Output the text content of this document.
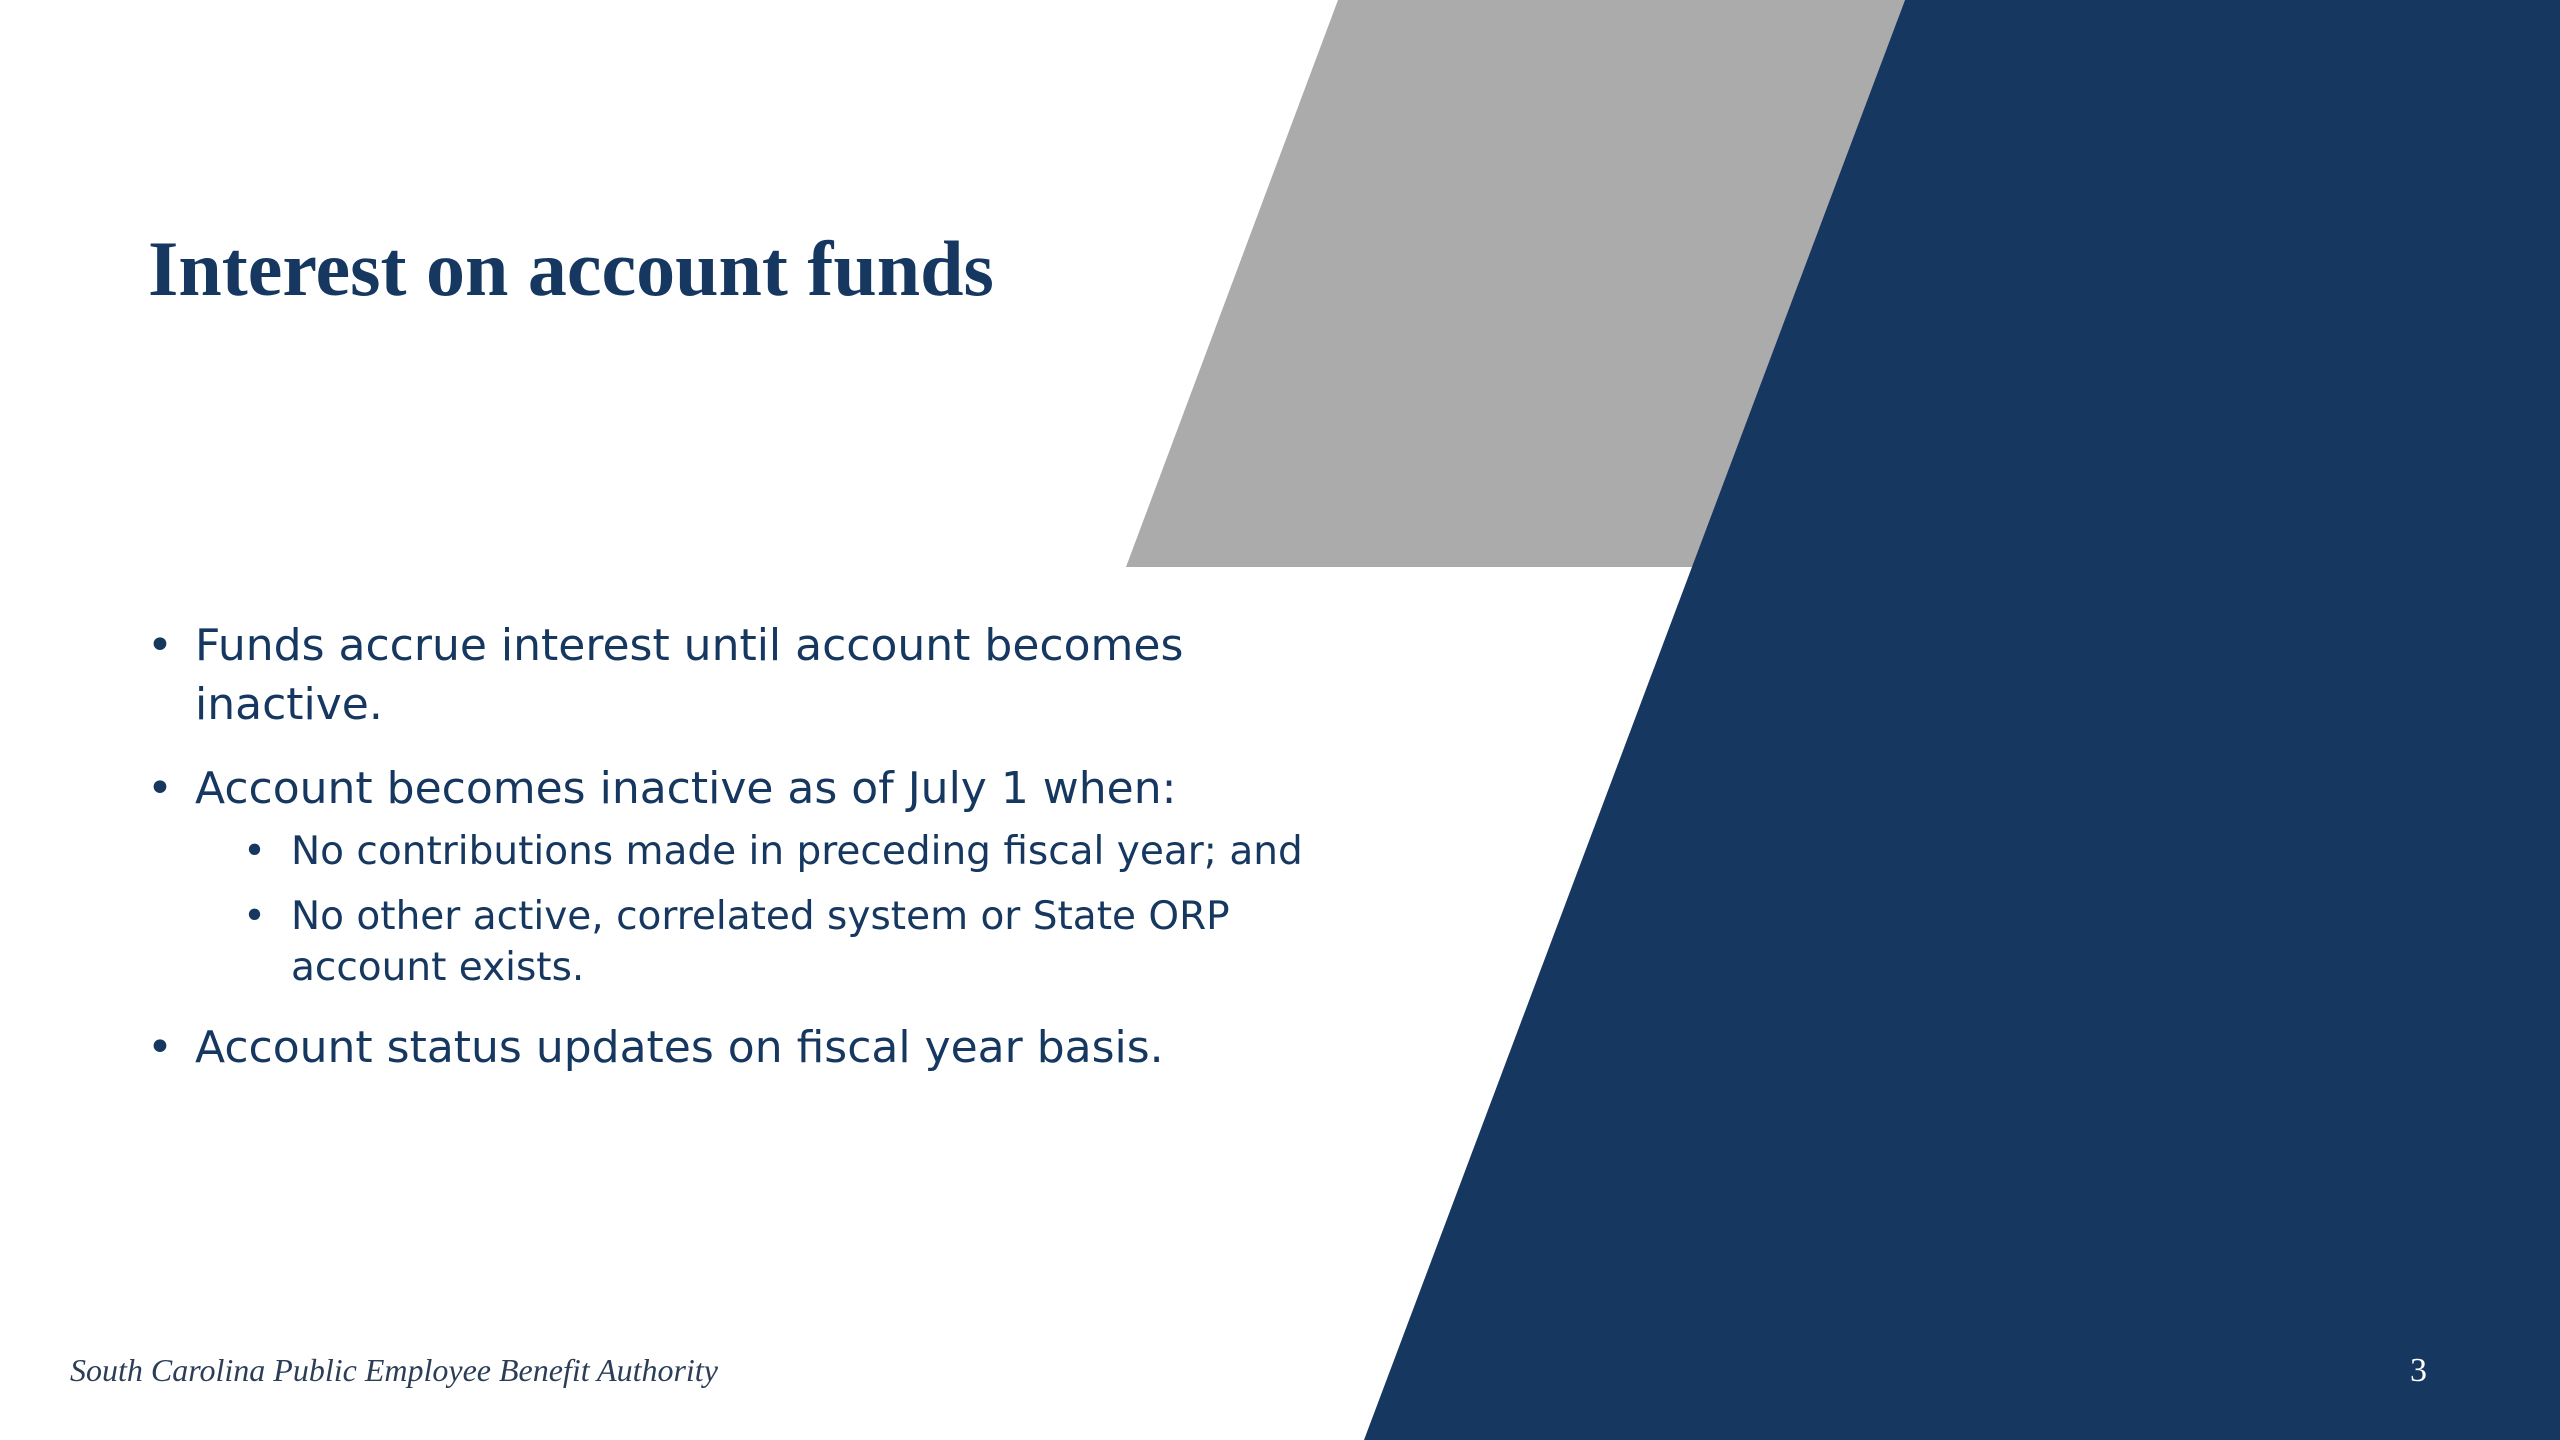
Interest on account funds
• Funds accrue interest until account becomes inactive.
• Account becomes inactive as of July 1 when:
• No contributions made in preceding fiscal year; and
• No other active, correlated system or State ORP account exists.
• Account status updates on fiscal year basis.
South Carolina Public Employee Benefit Authority	3
